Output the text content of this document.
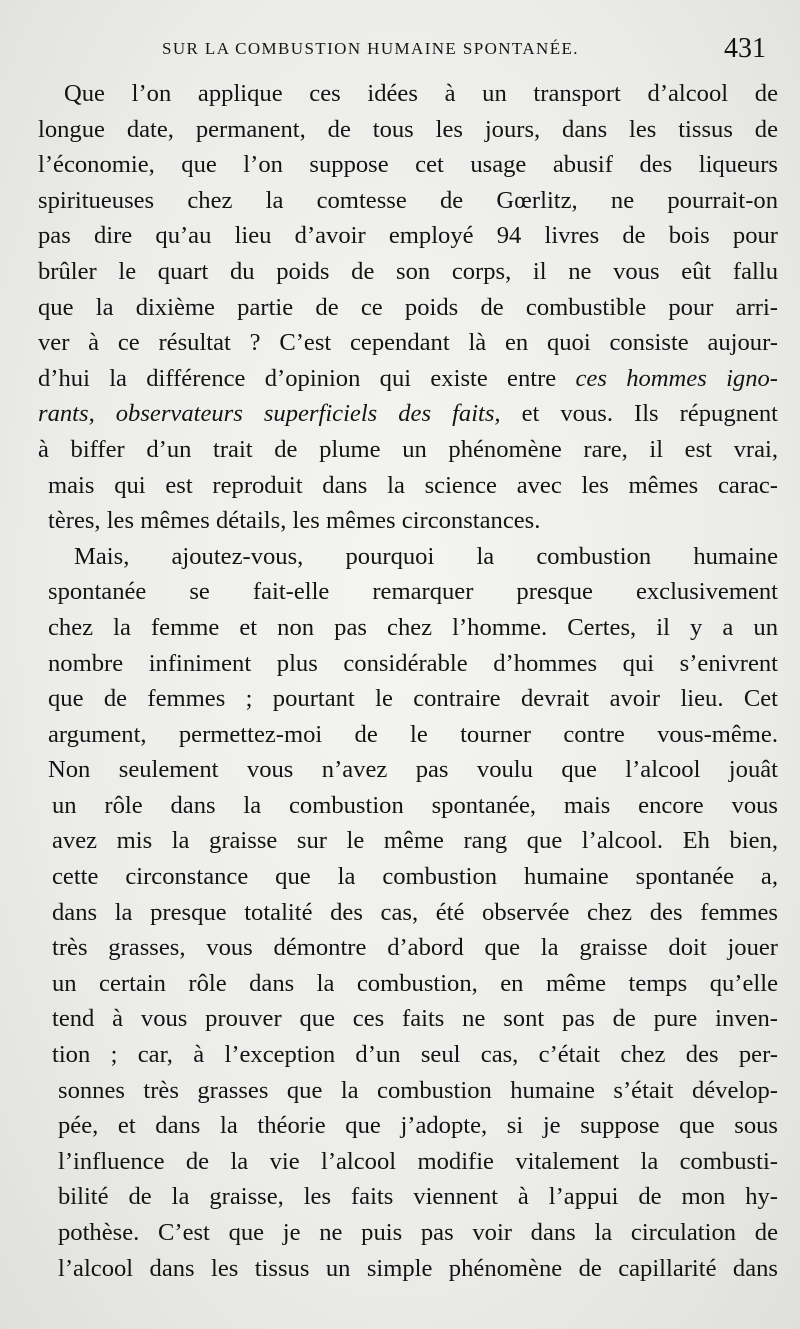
SUR LA COMBUSTION HUMAINE SPONTANÉE.	431
Que l’on applique ces idées à un transport d’alcool de
longue date, permanent, de tous les jours, dans les tissus de
l’économie, que l’on suppose cet usage abusif des liqueurs
spiritueuses chez la comtesse de Gœrlitz, ne pourrait-on
pas dire qu’au lieu d’avoir employé 94 livres de bois pour
brûler le quart du poids de son corps, il ne vous eût fallu
que la dixième partie de ce poids de combustible pour arri-
ver à ce résultat ? C’est cependant là en quoi consiste aujour-
d’hui la différence d’opinion qui existe entre ces hommes igno-
rants, observateurs superficiels des faits, et vous. Ils répugnent
à biffer d’un trait de plume un phénomène rare, il est vrai,
mais qui est reproduit dans la science avec les mêmes carac-
tères, les mêmes détails, les mêmes circonstances.
Mais, ajoutez-vous, pourquoi la combustion humaine
spontanée se fait-elle remarquer presque exclusivement
chez la femme et non pas chez l’homme. Certes, il y a un
nombre infiniment plus considérable d’hommes qui s’enivrent
que de femmes ; pourtant le contraire devrait avoir lieu. Cet
argument, permettez-moi de le tourner contre vous-même.
Non seulement vous n’avez pas voulu que l’alcool jouât
un rôle dans la combustion spontanée, mais encore vous
avez mis la graisse sur le même rang que l’alcool. Eh bien,
cette circonstance que la combustion humaine spontanée a,
dans la presque totalité des cas, été observée chez des femmes
très grasses, vous démontre d’abord que la graisse doit jouer
un certain rôle dans la combustion, en même temps qu’elle
tend à vous prouver que ces faits ne sont pas de pure inven-
tion ; car, à l’exception d’un seul cas, c’était chez des per-
sonnes très grasses que la combustion humaine s’était dévelop-
pée, et dans la théorie que j’adopte, si je suppose que sous
l’influence de la vie l’alcool modifie vitalement la combusti-
bilité de la graisse, les faits viennent à l’appui de mon hy-
pothèse. C’est que je ne puis pas voir dans la circulation de
l’alcool dans les tissus un simple phénomène de capillarité dans
